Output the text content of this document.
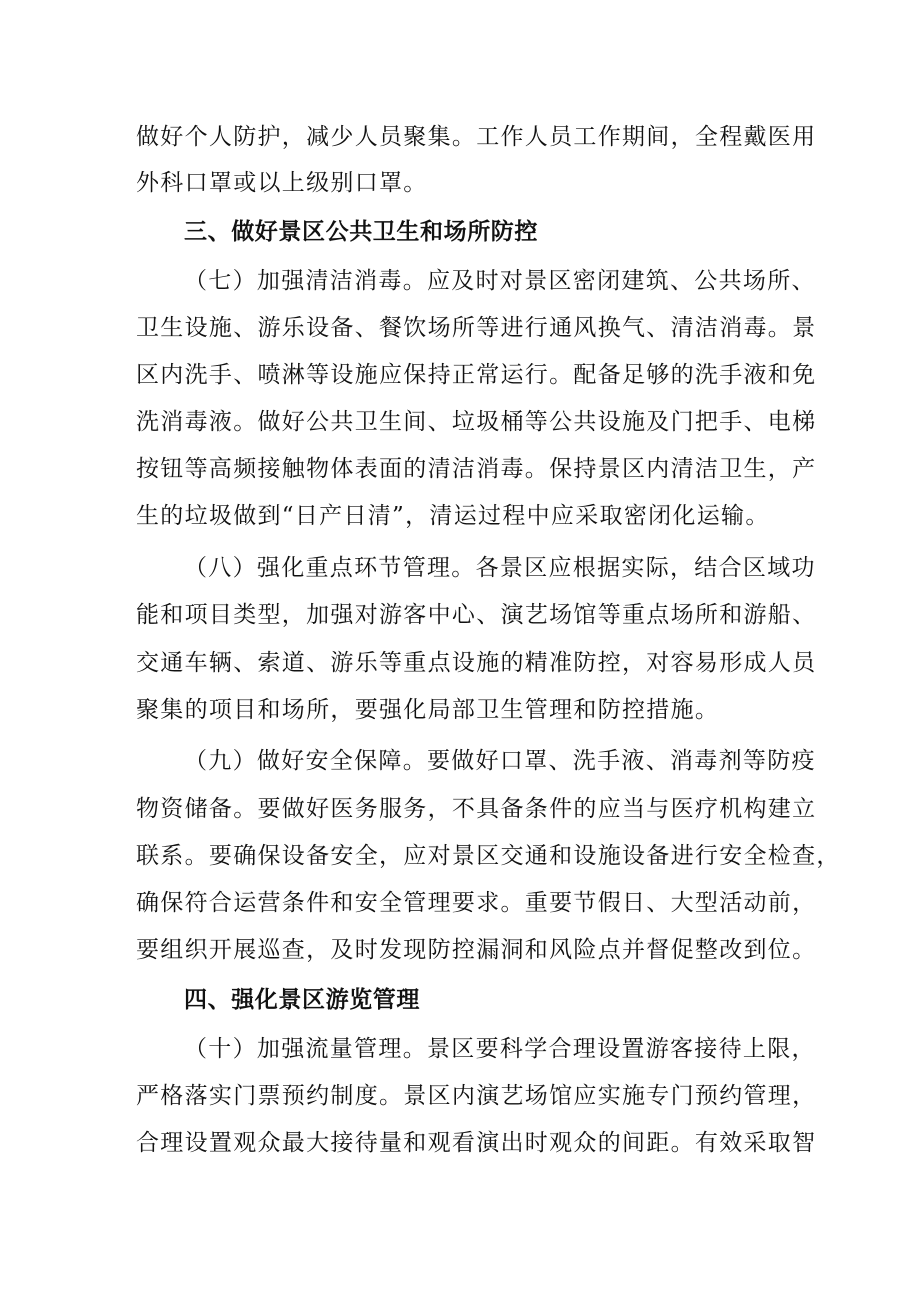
做好个人防护，减少人员聚集。工作人员工作期间，全程戴医用
外科口罩或以上级别口罩。
三、做好景区公共卫生和场所防控
（七）加强清洁消毒。应及时对景区密闭建筑、公共场所、
卫生设施、游乐设备、餐饮场所等进行通风换气、清洁消毒。景
区内洗手、喷淋等设施应保持正常运行。配备足够的洗手液和免
洗消毒液。做好公共卫生间、垃圾桶等公共设施及门把手、电梯
按钮等高频接触物体表面的清洁消毒。保持景区内清洁卫生，产
生的垃圾做到“日产日清”，清运过程中应采取密闭化运输。
（八）强化重点环节管理。各景区应根据实际，结合区域功
能和项目类型，加强对游客中心、演艺场馆等重点场所和游船、
交通车辆、索道、游乐等重点设施的精准防控，对容易形成人员
聚集的项目和场所，要强化局部卫生管理和防控措施。
（九）做好安全保障。要做好口罩、洗手液、消毒剂等防疫
物资储备。要做好医务服务，不具备条件的应当与医疗机构建立
联系。要确保设备安全，应对景区交通和设施设备进行安全检查，
确保符合运营条件和安全管理要求。重要节假日、大型活动前，
要组织开展巡查，及时发现防控漏洞和风险点并督促整改到位。
四、强化景区游览管理
（十）加强流量管理。景区要科学合理设置游客接待上限，
严格落实门票预约制度。景区内演艺场馆应实施专门预约管理，
合理设置观众最大接待量和观看演出时观众的间距。有效采取智
